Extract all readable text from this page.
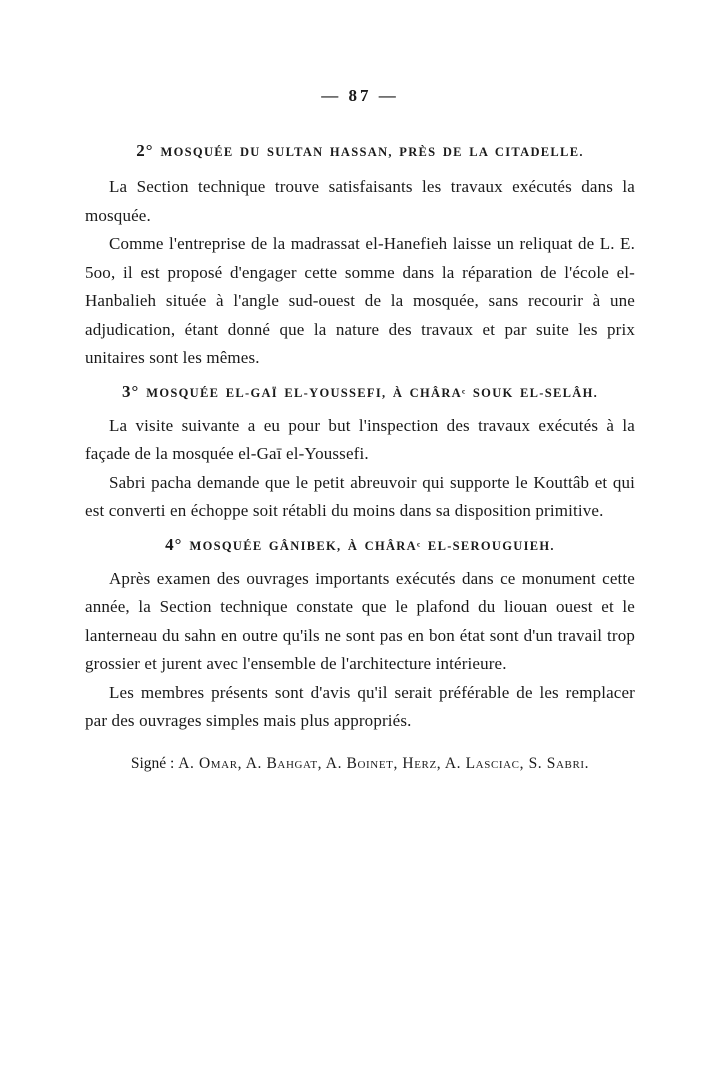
— 87 —
2° MOSQUÉE DU SULTAN HASSAN, PRÈS DE LA CITADELLE.

La Section technique trouve satisfaisants les travaux exécutés dans la mosquée.

Comme l'entreprise de la madrassat el-Hanefieh laisse un reliquat de L. E. 5oo, il est proposé d'engager cette somme dans la réparation de l'école el-Hanbalieh située à l'angle sud-ouest de la mosquée, sans recourir à une adjudication, étant donné que la nature des travaux et par suite les prix unitaires sont les mêmes.

3° MOSQUÉE EL-GAÏ EL-YOUSSEFI, À CHÂRAᶜ SOUK EL-SELÂH.

La visite suivante a eu pour but l'inspection des travaux exécutés à la façade de la mosquée el-Gaī el-Youssefi.

Sabri pacha demande que le petit abreuvoir qui supporte le Kouttâb et qui est converti en échoppe soit rétabli du moins dans sa disposition primitive.

4° MOSQUÉE GÂNIBEK, À CHÂRAᶜ EL-SEROUGUIEH.

Après examen des ouvrages importants exécutés dans ce monument cette année, la Section technique constate que le plafond du liouan ouest et le lanterneau du sahn en outre qu'ils ne sont pas en bon état sont d'un travail trop grossier et jurent avec l'ensemble de l'architecture intérieure.

Les membres présents sont d'avis qu'il serait préférable de les remplacer par des ouvrages simples mais plus appropriés.

Signé : A. Omar, A. Bahgat, A. Boinet, Herz, A. Lasciac, S. Sabri.
